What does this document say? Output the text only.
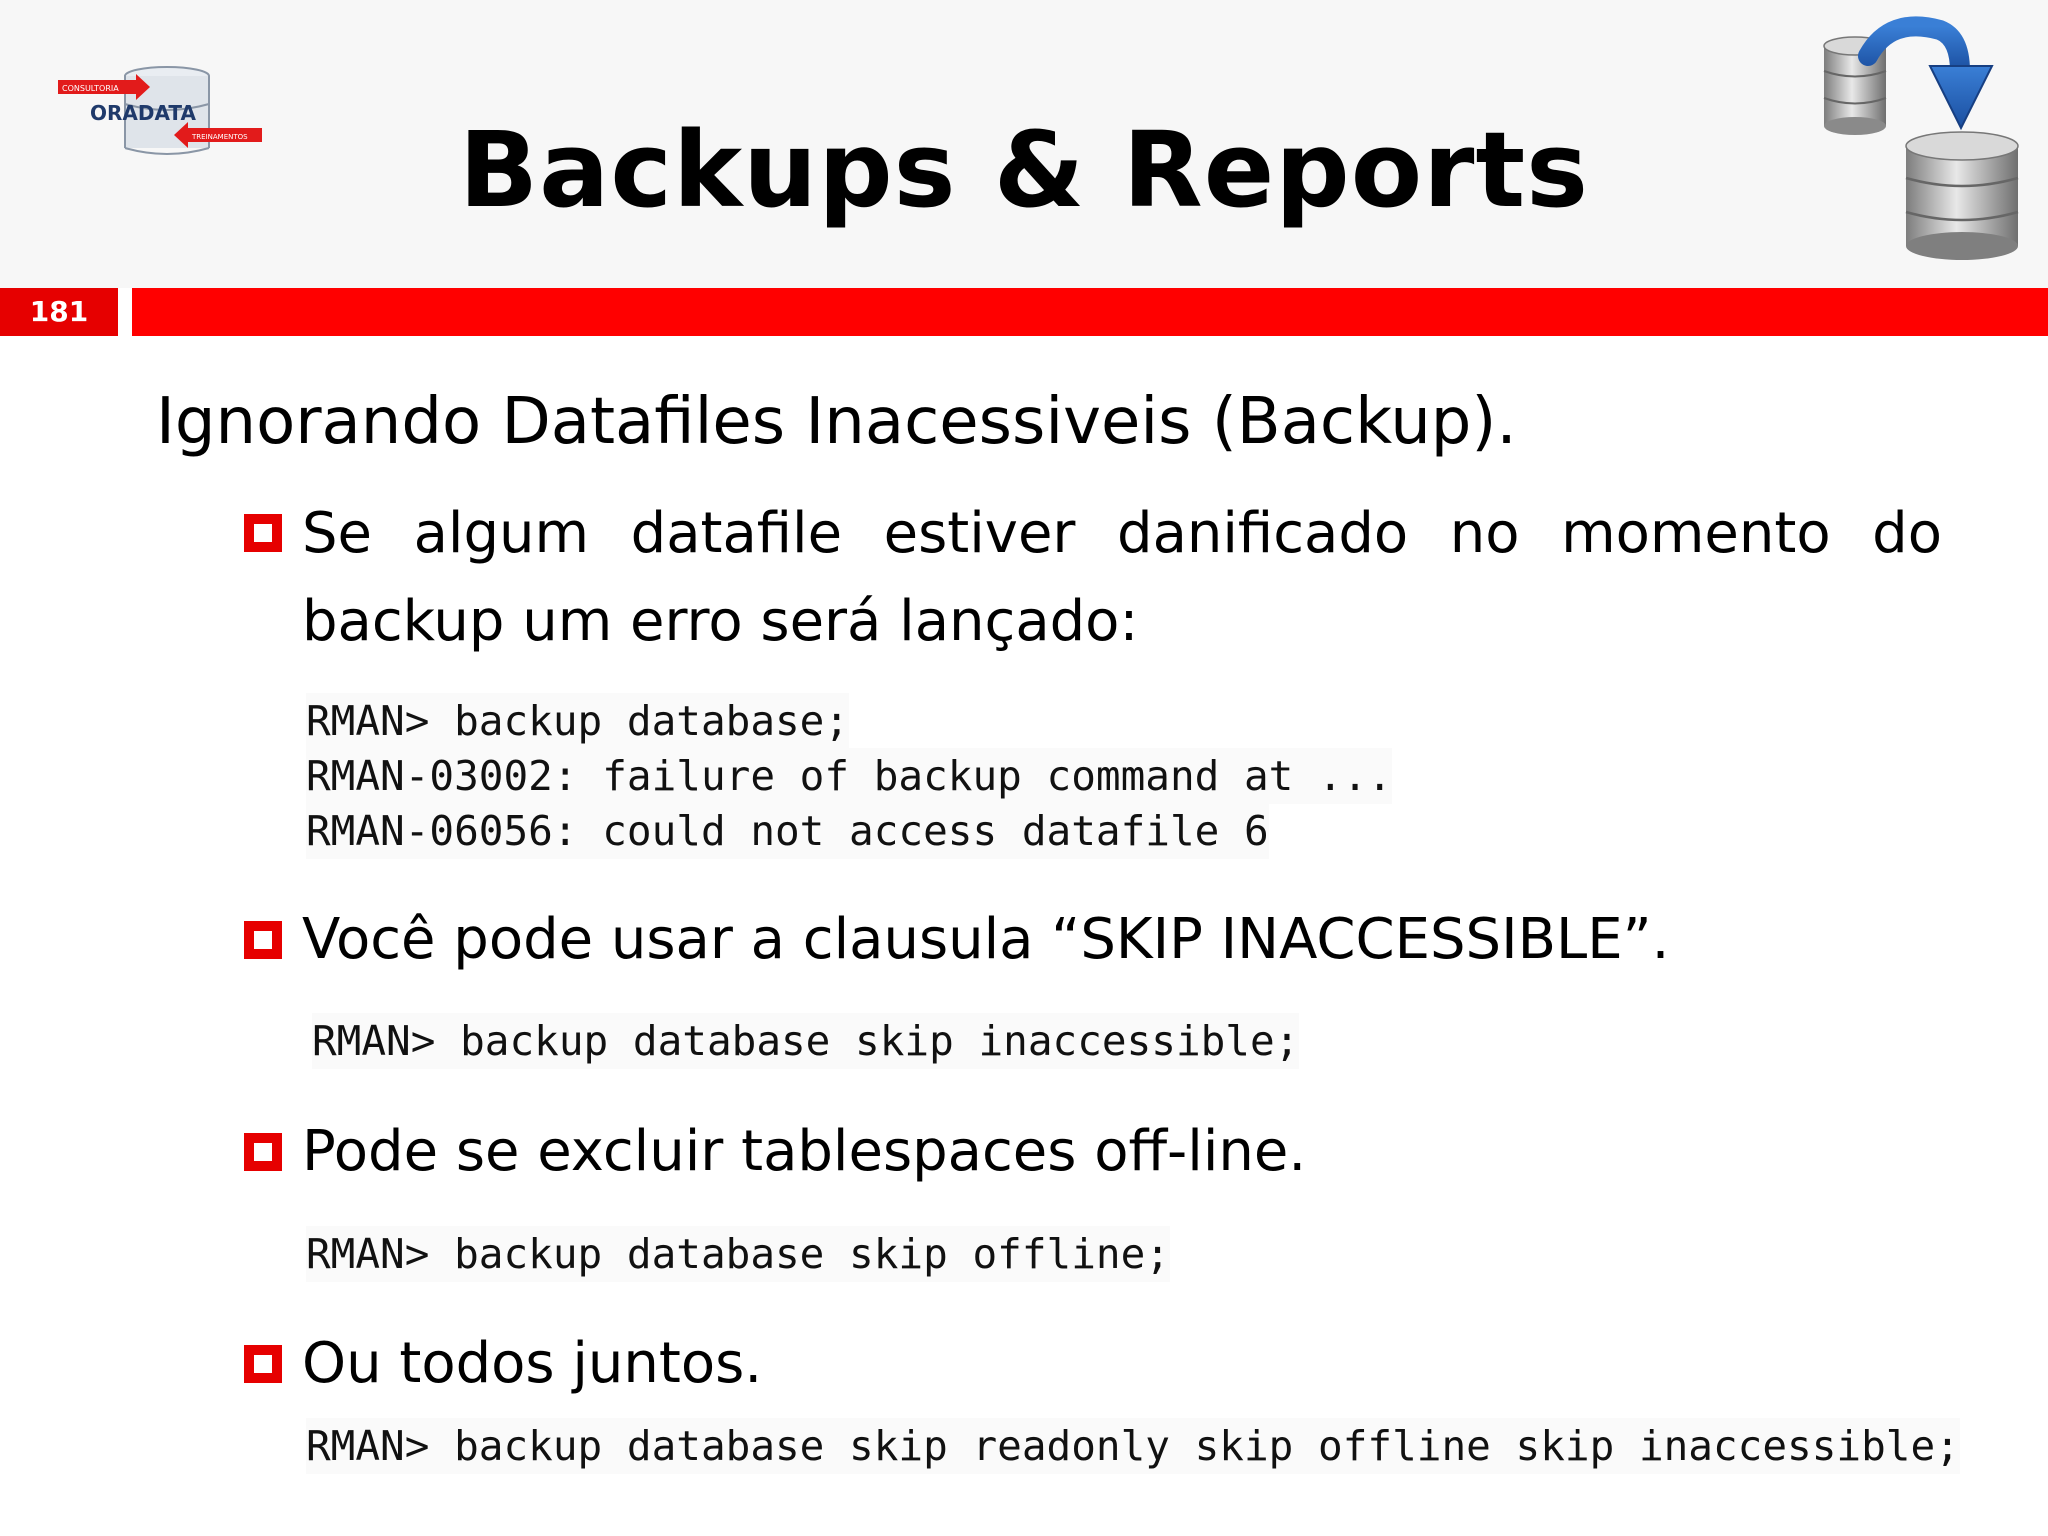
CONSULTORIA
ORADATA
TREINAMENTOS	Backups & Reports
181
Ignorando Datafiles Inacessiveis (Backup).
Se algum datafile estiver danificado no momento do backup um erro será lançado:
RMAN> backup database;
RMAN-03002: failure of backup command at ...
RMAN-06056: could not access datafile 6
Você pode usar a clausula “SKIP INACCESSIBLE”.
RMAN> backup database skip inaccessible;
Pode se excluir tablespaces off-line.
RMAN> backup database skip offline;
Ou todos juntos.
RMAN> backup database skip readonly skip offline skip inaccessible;
